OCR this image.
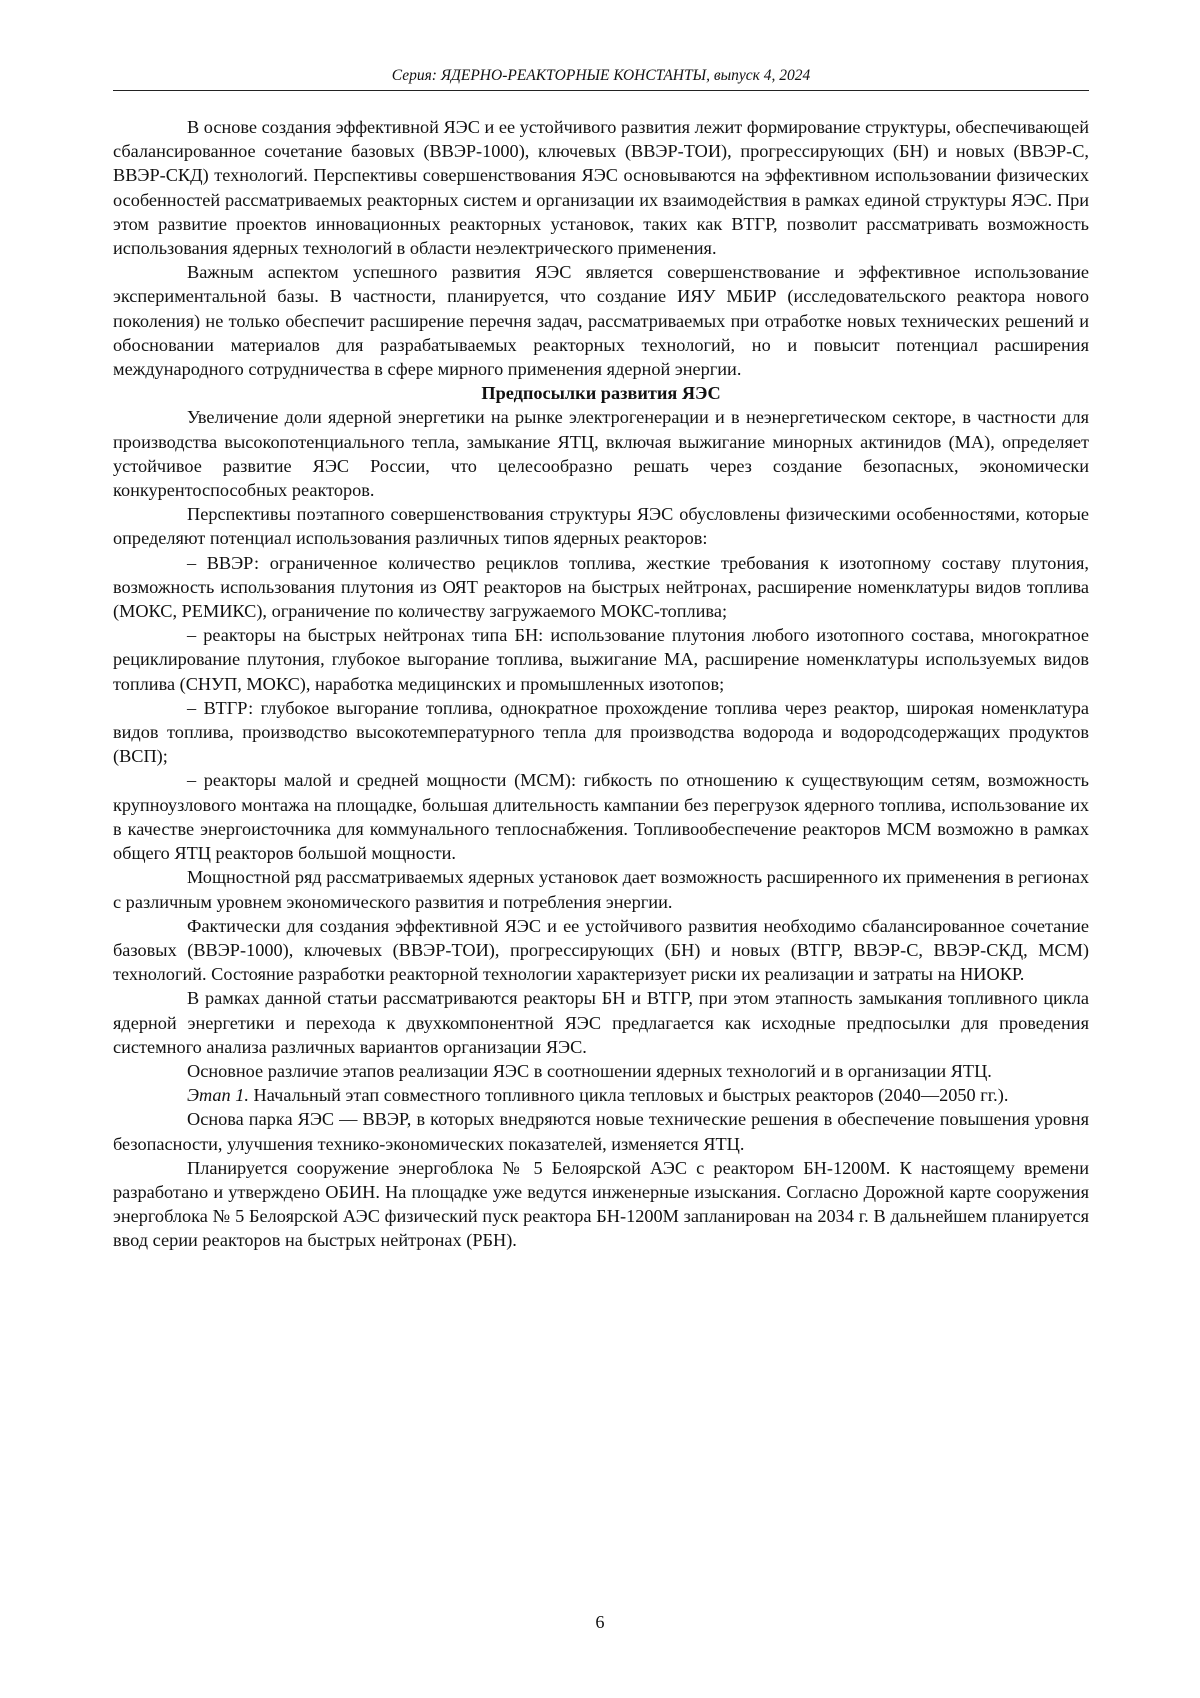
Серия: ЯДЕРНО-РЕАКТОРНЫЕ КОНСТАНТЫ, выпуск 4, 2024

В основе создания эффективной ЯЭС и ее устойчивого развития лежит формирование структуры, обеспечивающей сбалансированное сочетание базовых (ВВЭР-1000), ключевых (ВВЭР-ТОИ), прогрессирующих (БН) и новых (ВВЭР-С, ВВЭР-СКД) технологий. Перспективы совершенствования ЯЭС основываются на эффективном использовании физических особенностей рассматриваемых реакторных систем и организации их взаимодействия в рамках единой структуры ЯЭС. При этом развитие проектов инновационных реакторных установок, таких как ВТГР, позволит рассматривать возможность использования ядерных технологий в области неэлектрического применения.

Важным аспектом успешного развития ЯЭС является совершенствование и эффективное использование экспериментальной базы. В частности, планируется, что создание ИЯУ МБИР (исследовательского реактора нового поколения) не только обеспечит расширение перечня задач, рассматриваемых при отработке новых технических решений и обосновании материалов для разрабатываемых реакторных технологий, но и повысит потенциал расширения международного сотрудничества в сфере мирного применения ядерной энергии.

Предпосылки развития ЯЭС

Увеличение доли ядерной энергетики на рынке электрогенерации и в неэнергетическом секторе, в частности для производства высокопотенциального тепла, замыкание ЯТЦ, включая выжигание минорных актинидов (МА), определяет устойчивое развитие ЯЭС России, что целесообразно решать через создание безопасных, экономически конкурентоспособных реакторов.

Перспективы поэтапного совершенствования структуры ЯЭС обусловлены физическими особенностями, которые определяют потенциал использования различных типов ядерных реакторов:

– ВВЭР: ограниченное количество рециклов топлива, жесткие требования к изотопному составу плутония, возможность использования плутония из ОЯТ реакторов на быстрых нейтронах, расширение номенклатуры видов топлива (МОКС, РЕМИКС), ограничение по количеству загружаемого МОКС-топлива;

– реакторы на быстрых нейтронах типа БН: использование плутония любого изотопного состава, многократное рециклирование плутония, глубокое выгорание топлива, выжигание МА, расширение номенклатуры используемых видов топлива (СНУП, МОКС), наработка медицинских и промышленных изотопов;

– ВТГР: глубокое выгорание топлива, однократное прохождение топлива через реактор, широкая номенклатура видов топлива, производство высокотемпературного тепла для производства водорода и водородсодержащих продуктов (ВСП);

– реакторы малой и средней мощности (МСМ): гибкость по отношению к существующим сетям, возможность крупноузлового монтажа на площадке, большая длительность кампании без перегрузок ядерного топлива, использование их в качестве энергоисточника для коммунального теплоснабжения. Топливообеспечение реакторов МСМ возможно в рамках общего ЯТЦ реакторов большой мощности.

Мощностной ряд рассматриваемых ядерных установок дает возможность расширенного их применения в регионах с различным уровнем экономического развития и потребления энергии.

Фактически для создания эффективной ЯЭС и ее устойчивого развития необходимо сбалансированное сочетание базовых (ВВЭР-1000), ключевых (ВВЭР-ТОИ), прогрессирующих (БН) и новых (ВТГР, ВВЭР-С, ВВЭР-СКД, МСМ) технологий. Состояние разработки реакторной технологии характеризует риски их реализации и затраты на НИОКР.

В рамках данной статьи рассматриваются реакторы БН и ВТГР, при этом этапность замыкания топливного цикла ядерной энергетики и перехода к двухкомпонентной ЯЭС предлагается как исходные предпосылки для проведения системного анализа различных вариантов организации ЯЭС.

Основное различие этапов реализации ЯЭС в соотношении ядерных технологий и в организации ЯТЦ.

Этап 1. Начальный этап совместного топливного цикла тепловых и быстрых реакторов (2040—2050 гг.).

Основа парка ЯЭС — ВВЭР, в которых внедряются новые технические решения в обеспечение повышения уровня безопасности, улучшения технико-экономических показателей, изменяется ЯТЦ.

Планируется сооружение энергоблока № 5 Белоярской АЭС с реактором БН-1200М. К настоящему времени разработано и утверждено ОБИН. На площадке уже ведутся инженерные изыскания. Согласно Дорожной карте сооружения энергоблока № 5 Белоярской АЭС физический пуск реактора БН-1200М запланирован на 2034 г. В дальнейшем планируется ввод серии реакторов на быстрых нейтронах (РБН).

6
